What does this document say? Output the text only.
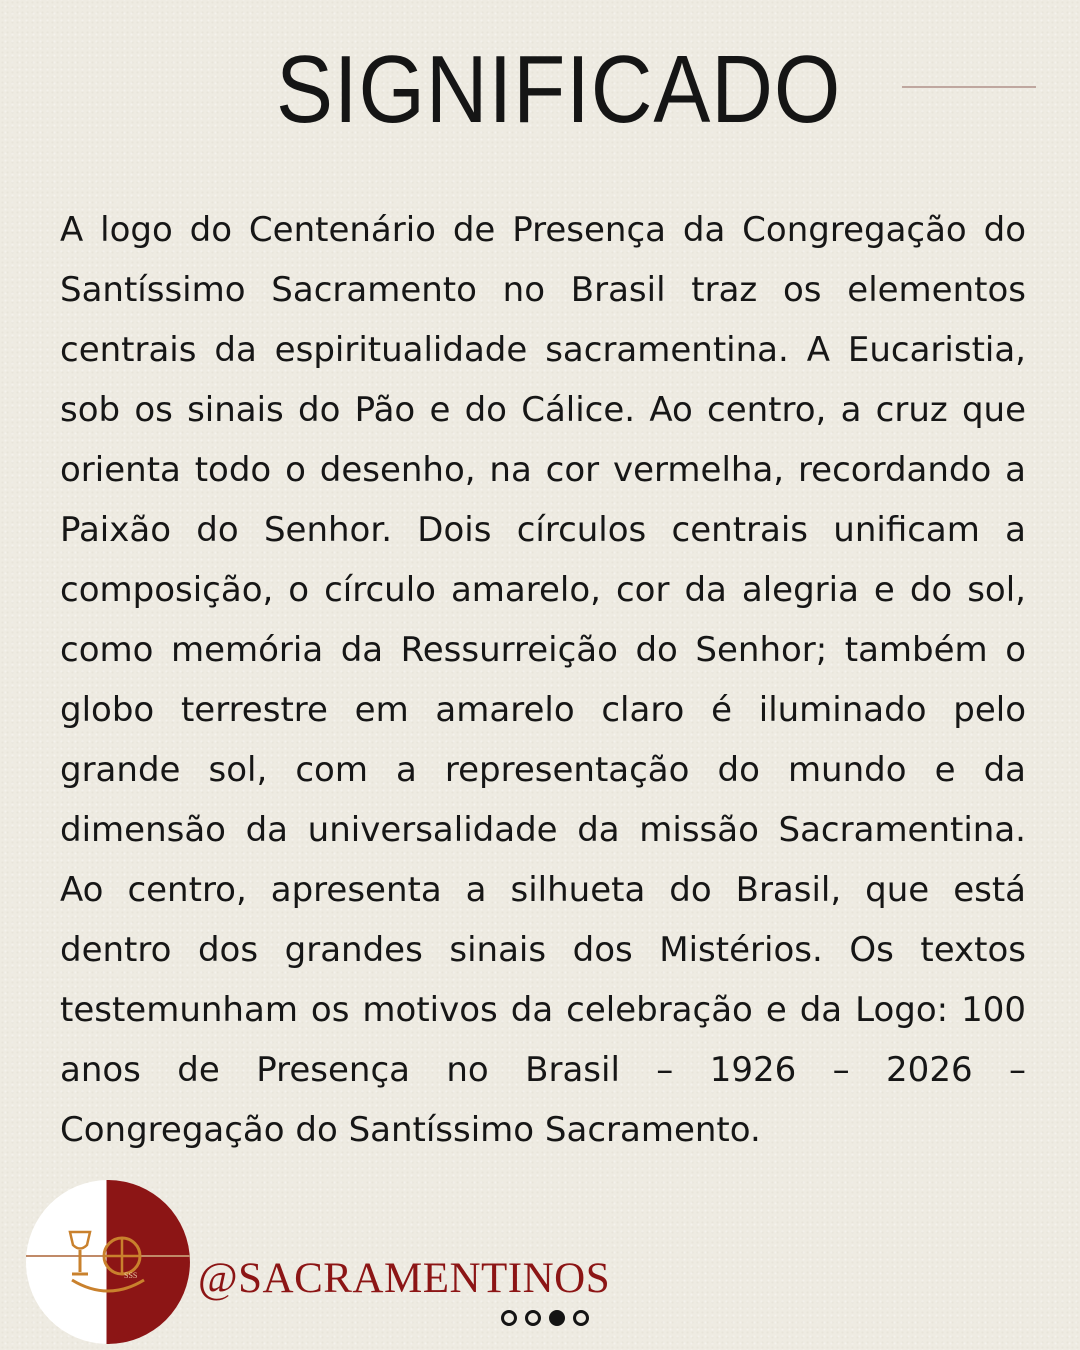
SIGNIFICADO

A logo do Centenário de Presença da Congregação do Santíssimo Sacramento no Brasil traz os elementos centrais da espiritualidade sacramentina. A Eucaristia, sob os sinais do Pão e do Cálice. Ao centro, a cruz que orienta todo o desenho, na cor vermelha, recordando a Paixão do Senhor. Dois círculos centrais unificam a composição, o círculo amarelo, cor da alegria e do sol, como memória da Ressurreição do Senhor; também o globo terrestre em amarelo claro é iluminado pelo grande sol, com a representação do mundo e da dimensão da universalidade da missão Sacramentina. Ao centro, apresenta a silhueta do Brasil, que está dentro dos grandes sinais dos Mistérios. Os textos testemunham os motivos da celebração e da Logo: 100 anos de Presença no Brasil – 1926 – 2026 – Congregação do Santíssimo Sacramento.

SSS @SACRAMENTINOS
